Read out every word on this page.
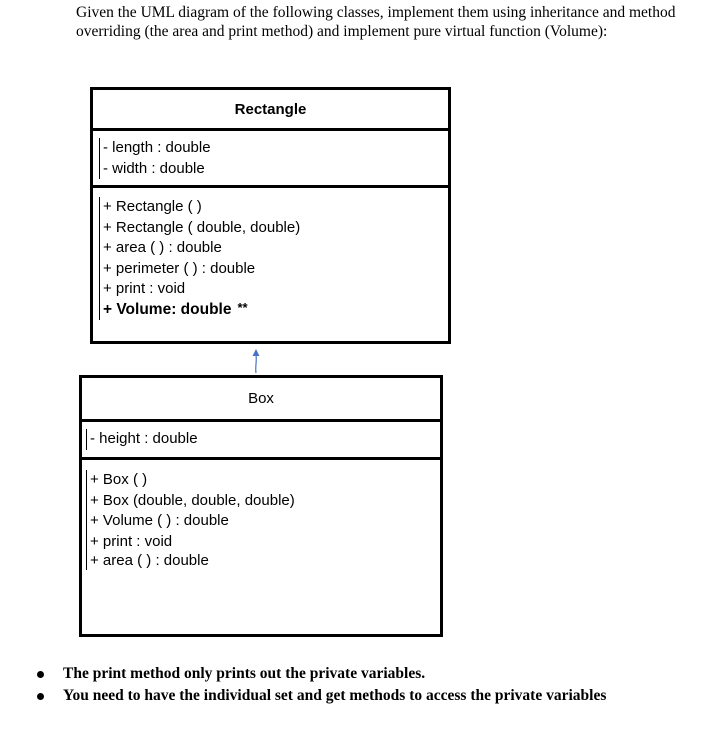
Given the UML diagram of the following classes, implement them using inheritance and method overriding (the area and print method) and implement pure virtual function (Volume):
Rectangle
- length : double
- width : double
+ Rectangle ( )
+ Rectangle ( double, double)
+ area ( ) : double
+ perimeter ( ) : double
+ print : void
+ Volume: double **
Box
- height : double
+ Box ( )
+ Box (double, double, double)
+ Volume ( ) : double
+ print : void
+ area ( ) : double
The print method only prints out the private variables.
You need to have the individual set and get methods to access the private variables
